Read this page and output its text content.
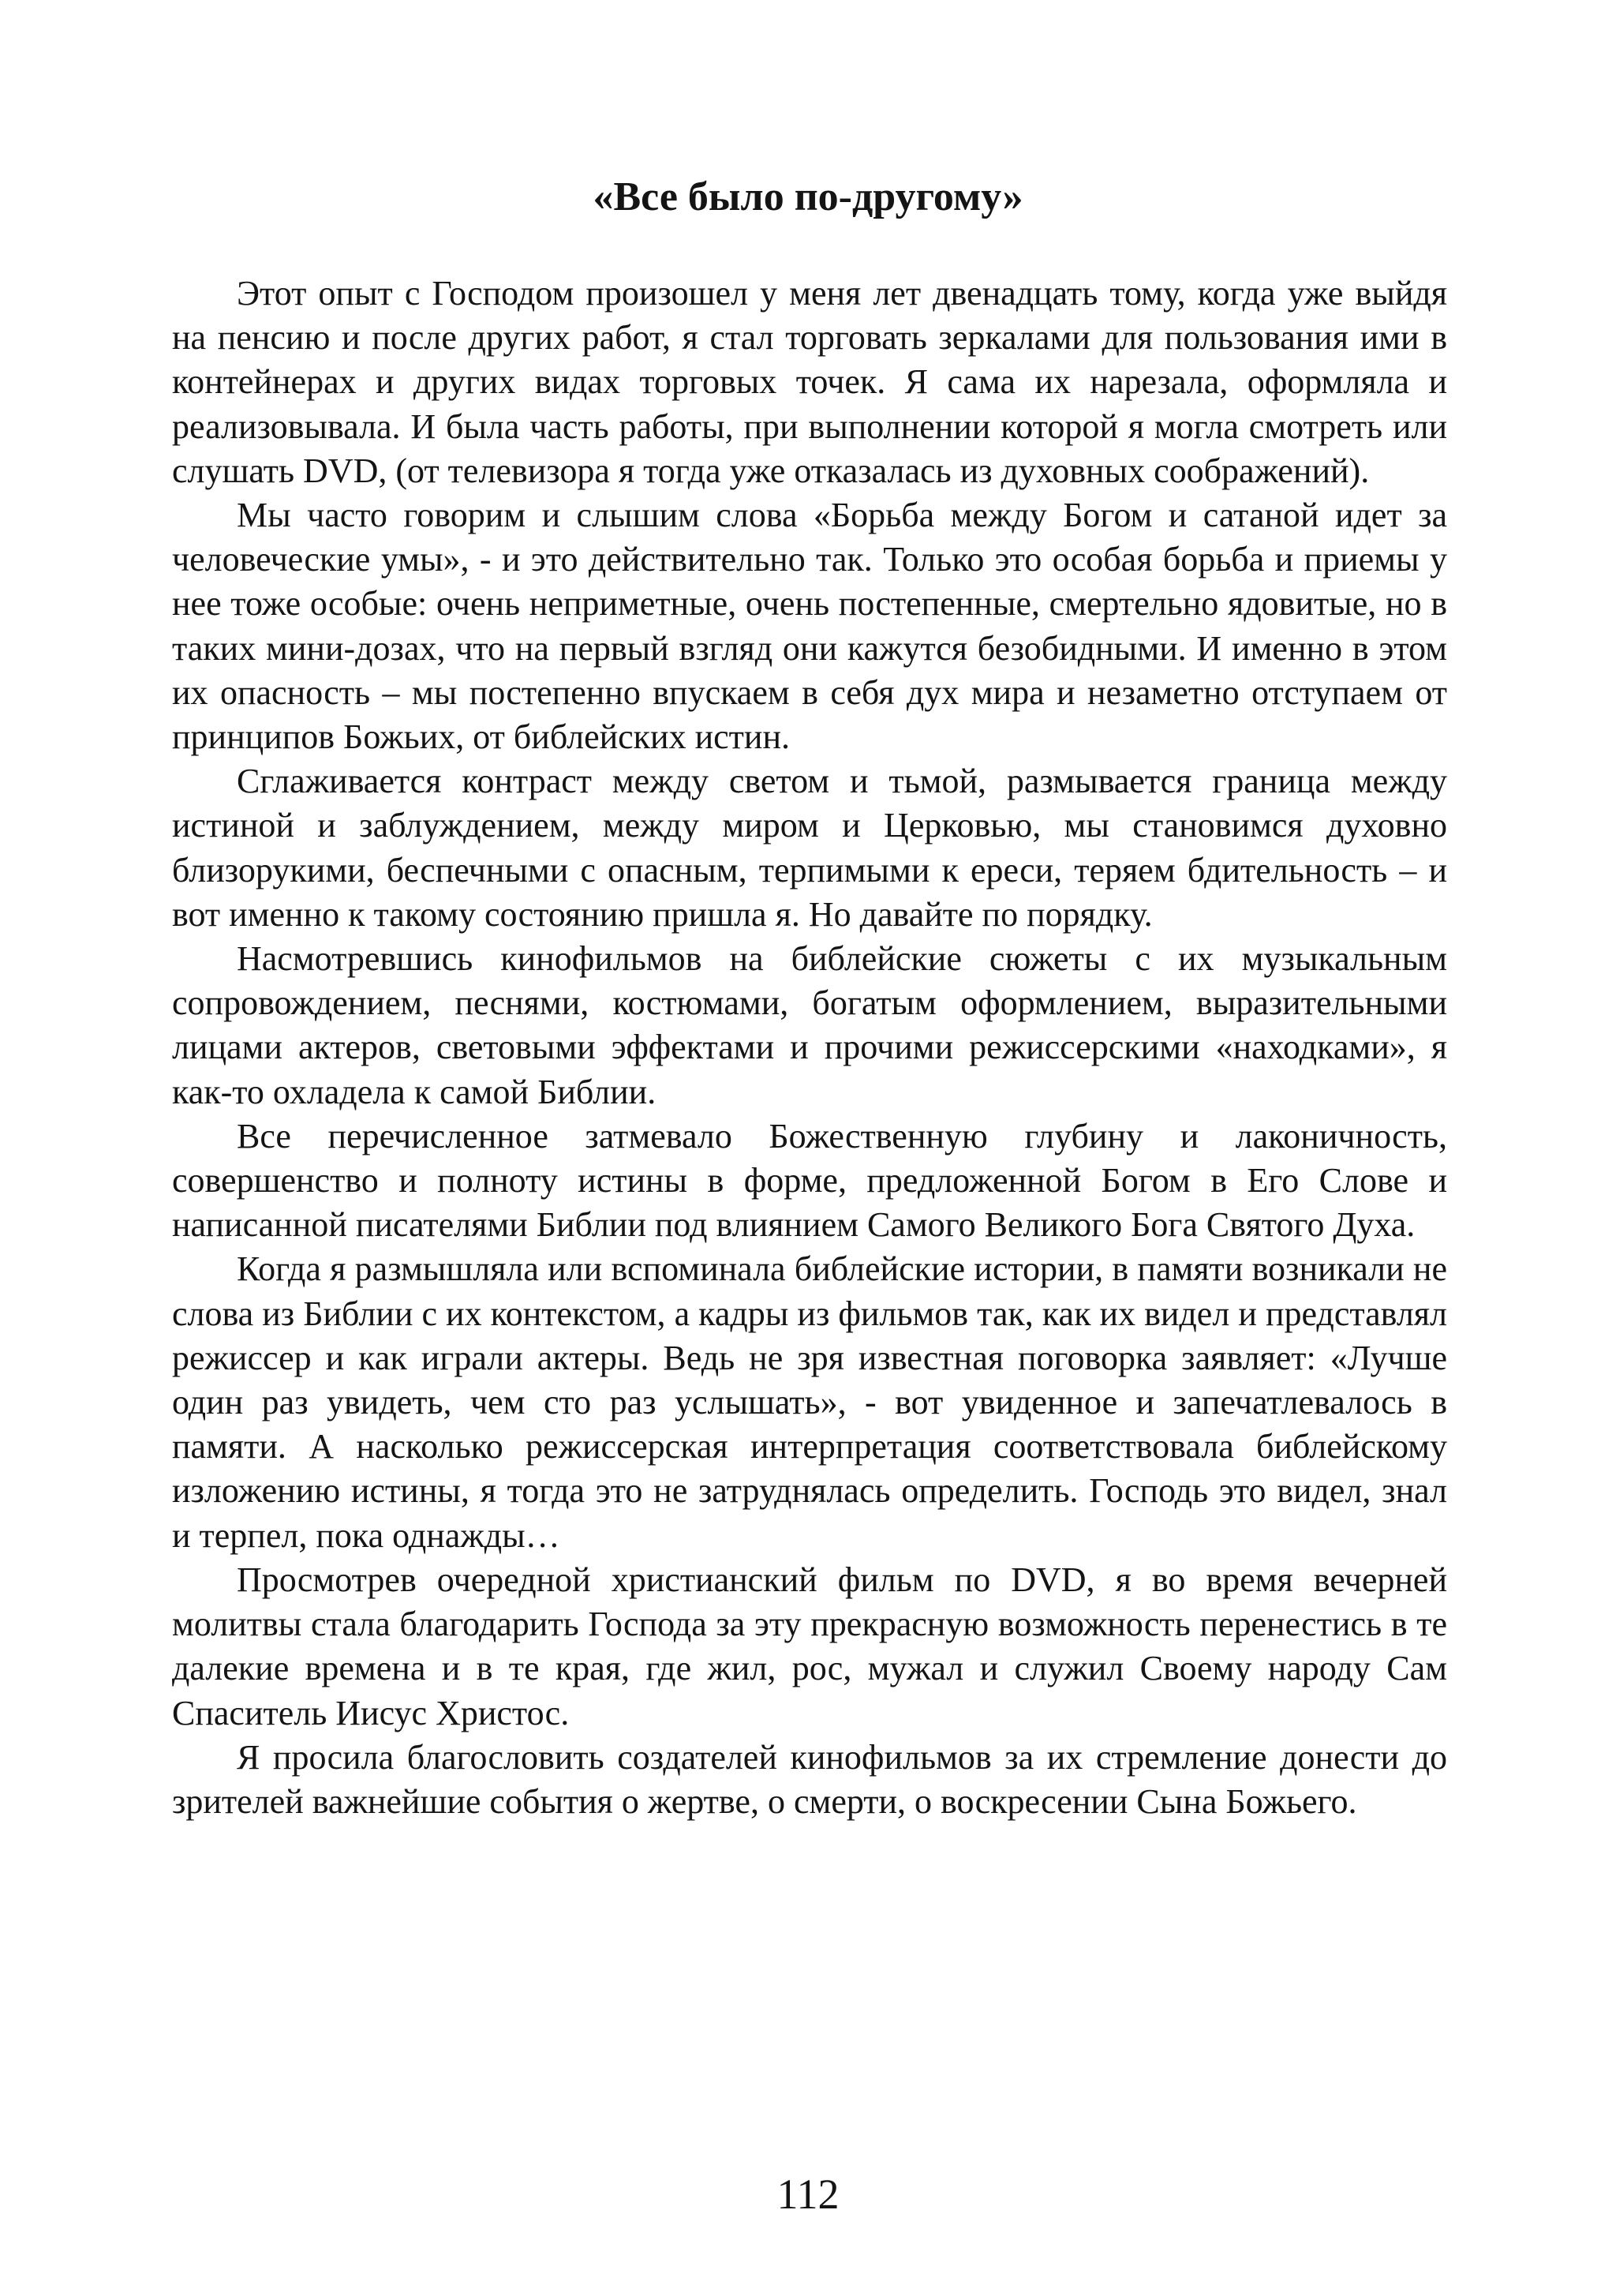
«Все было по-другому»

Этот опыт с Господом произошел у меня лет двенадцать тому, когда уже выйдя на пенсию и после других работ, я стал торговать зеркалами для пользования ими в контейнерах и других видах торговых точек. Я сама их нарезала, оформляла и реализовывала. И была часть работы, при выполнении которой я могла смотреть или слушать DVD, (от телевизора я тогда уже отказалась из духовных соображений).

Мы часто говорим и слышим слова «Борьба между Богом и сатаной идет за человеческие умы», - и это действительно так. Только это особая борьба и приемы у нее тоже особые: очень неприметные, очень постепенные, смертельно ядовитые, но в таких мини-дозах, что на первый взгляд они кажутся безобидными. И именно в этом их опасность – мы постепенно впускаем в себя дух мира и незаметно отступаем от принципов Божьих, от библейских истин.

Сглаживается контраст между светом и тьмой, размывается граница между истиной и заблуждением, между миром и Церковью, мы становимся духовно близорукими, беспечными с опасным, терпимыми к ереси, теряем бдительность – и вот именно к такому состоянию пришла я. Но давайте по порядку.

Насмотревшись кинофильмов на библейские сюжеты с их музыкальным сопровождением, песнями, костюмами, богатым оформлением, выразительными лицами актеров, световыми эффектами и прочими режиссерскими «находками», я как-то охладела к самой Библии.

Все перечисленное затмевало Божественную глубину и лаконичность, совершенство и полноту истины в форме, предложенной Богом в Его Слове и написанной писателями Библии под влиянием Самого Великого Бога Святого Духа.

Когда я размышляла или вспоминала библейские истории, в памяти возникали не слова из Библии с их контекстом, а кадры из фильмов так, как их видел и представлял режиссер и как играли актеры. Ведь не зря известная поговорка заявляет: «Лучше один раз увидеть, чем сто раз услышать», - вот увиденное и запечатлевалось в памяти. А насколько режиссерская интерпретация соответствовала библейскому изложению истины, я тогда это не затруднялась определить. Господь это видел, знал и терпел, пока однажды…

Просмотрев очередной христианский фильм по DVD, я во время вечерней молитвы стала благодарить Господа за эту прекрасную возможность перенестись в те далекие времена и в те края, где жил, рос, мужал и служил Своему народу Сам Спаситель Иисус Христос.

Я просила благословить создателей кинофильмов за их стремление донести до зрителей важнейшие события о жертве, о смерти, о воскресении Сына Божьего.

112
